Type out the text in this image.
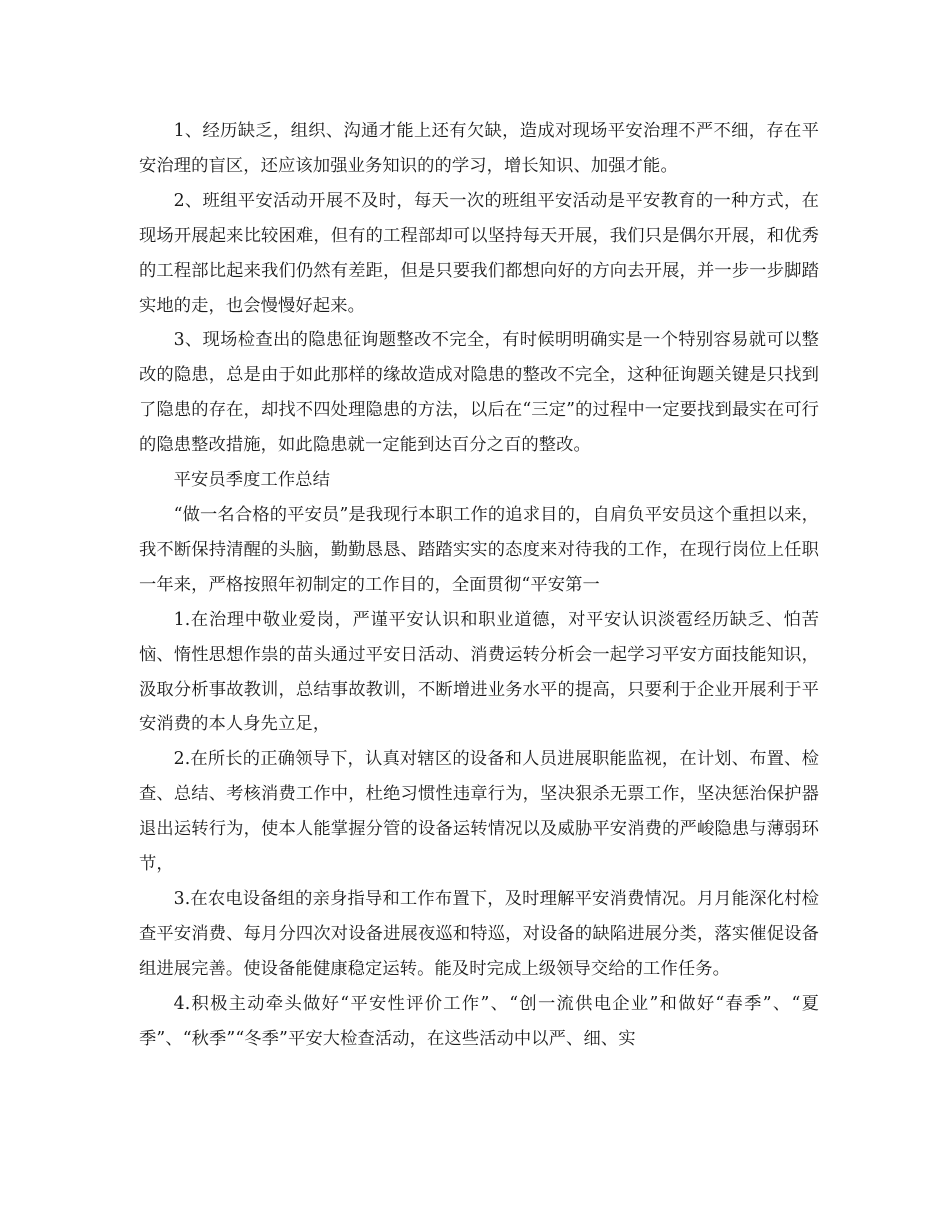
1、经历缺乏，组织、沟通才能上还有欠缺，造成对现场平安治理不严不细，存在平安治理的盲区，还应该加强业务知识的的学习，增长知识、加强才能。

2、班组平安活动开展不及时，每天一次的班组平安活动是平安教育的一种方式，在现场开展起来比较困难，但有的工程部却可以坚持每天开展，我们只是偶尔开展，和优秀的工程部比起来我们仍然有差距，但是只要我们都想向好的方向去开展，并一步一步脚踏实地的走，也会慢慢好起来。

3、现场检查出的隐患征询题整改不完全，有时候明明确实是一个特别容易就可以整改的隐患，总是由于如此那样的缘故造成对隐患的整改不完全，这种征询题关键是只找到了隐患的存在，却找不四处理隐患的方法，以后在“三定”的过程中一定要找到最实在可行的隐患整改措施，如此隐患就一定能到达百分之百的整改。

平安员季度工作总结

“做一名合格的平安员”是我现行本职工作的追求目的，自肩负平安员这个重担以来，我不断保持清醒的头脑，勤勤恳恳、踏踏实实的态度来对待我的工作，在现行岗位上任职一年来，严格按照年初制定的工作目的，全面贯彻“平安第一

1.在治理中敬业爱岗，严谨平安认识和职业道德，对平安认识淡雹经历缺乏、怕苦恼、惰性思想作祟的苗头通过平安日活动、消费运转分析会一起学习平安方面技能知识，汲取分析事故教训，总结事故教训，不断增进业务水平的提高，只要利于企业开展利于平安消费的本人身先立足，

2.在所长的正确领导下，认真对辖区的设备和人员进展职能监视，在计划、布置、检查、总结、考核消费工作中，杜绝习惯性违章行为，坚决狠杀无票工作，坚决惩治保护器退出运转行为，使本人能掌握分管的设备运转情况以及威胁平安消费的严峻隐患与薄弱环节，

3.在农电设备组的亲身指导和工作布置下，及时理解平安消费情况。月月能深化村检查平安消费、每月分四次对设备进展夜巡和特巡，对设备的缺陷进展分类，落实催促设备组进展完善。使设备能健康稳定运转。能及时完成上级领导交给的工作任务。

4.积极主动牵头做好“平安性评价工作”、“创一流供电企业”和做好“春季”、“夏季”、“秋季”“冬季”平安大检查活动，在这些活动中以严、细、实
